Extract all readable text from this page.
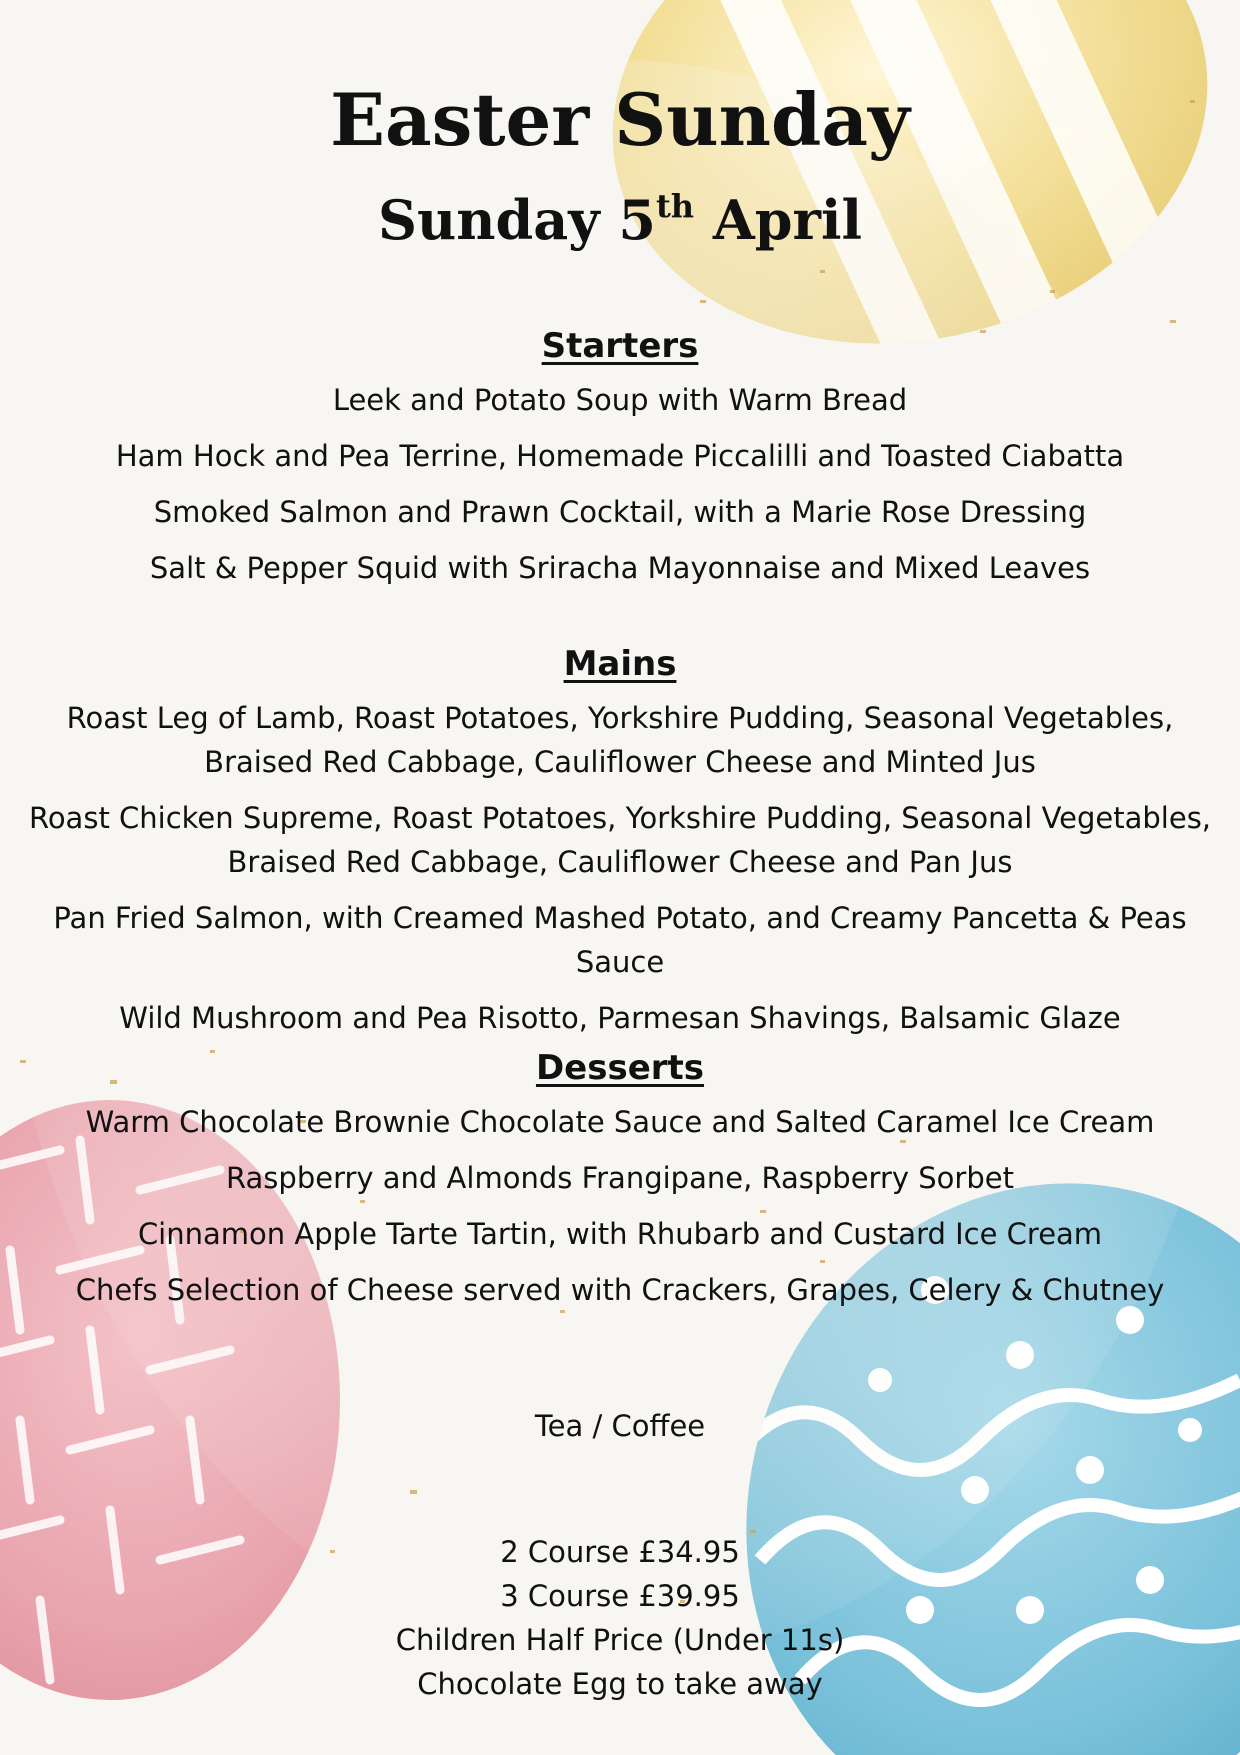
Easter Sunday
Sunday 5th April
Starters
Leek and Potato Soup with Warm Bread
Ham Hock and Pea Terrine, Homemade Piccalilli and Toasted Ciabatta
Smoked Salmon and Prawn Cocktail, with a Marie Rose Dressing
Salt & Pepper Squid with Sriracha Mayonnaise and Mixed Leaves
Mains
Roast Leg of Lamb, Roast Potatoes, Yorkshire Pudding, Seasonal Vegetables, Braised Red Cabbage, Cauliflower Cheese and Minted Jus
Roast Chicken Supreme, Roast Potatoes, Yorkshire Pudding, Seasonal Vegetables, Braised Red Cabbage, Cauliflower Cheese and Pan Jus
Pan Fried Salmon, with Creamed Mashed Potato, and Creamy Pancetta & Peas Sauce
Wild Mushroom and Pea Risotto, Parmesan Shavings, Balsamic Glaze
Desserts
Warm Chocolate Brownie Chocolate Sauce and Salted Caramel Ice Cream
Raspberry and Almonds Frangipane, Raspberry Sorbet
Cinnamon Apple Tarte Tartin, with Rhubarb and Custard Ice Cream
Chefs Selection of Cheese served with Crackers, Grapes, Celery & Chutney
Tea / Coffee
2 Course £34.95
3 Course £39.95
Children Half Price (Under 11s)
Chocolate Egg to take away
